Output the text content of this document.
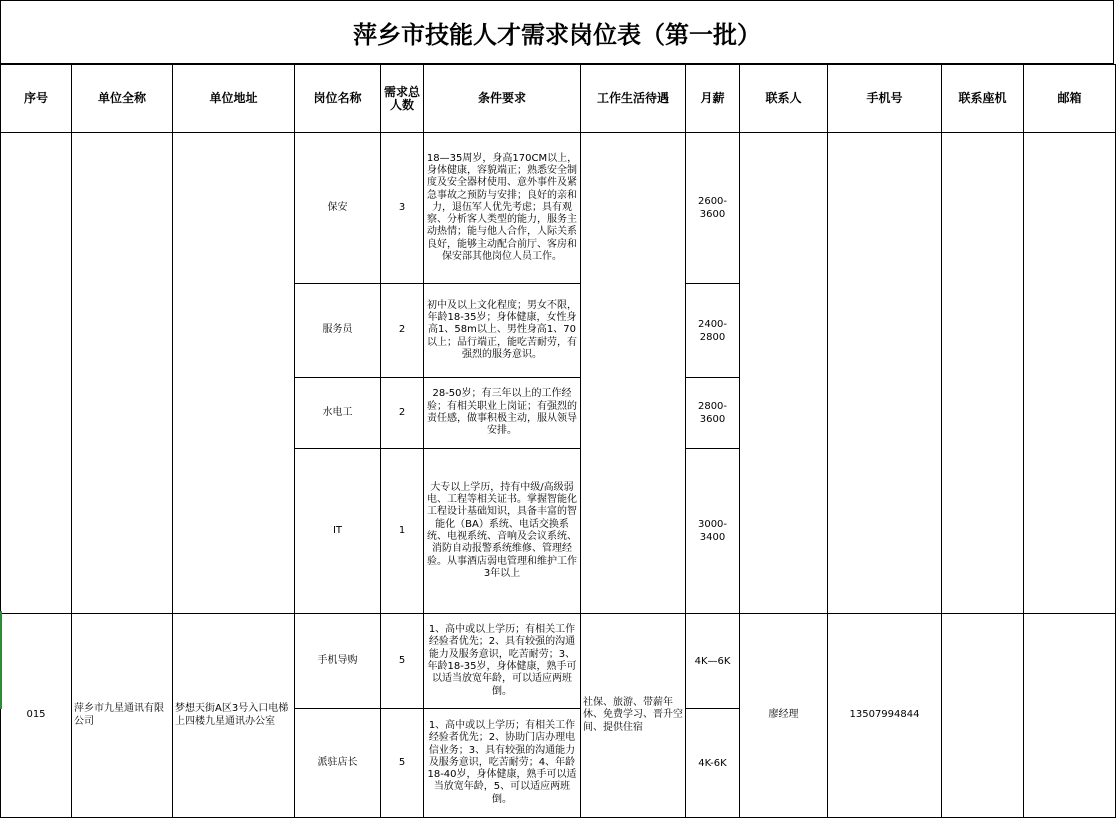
萍乡市技能人才需求岗位表（第一批）
序号	单位全称	单位地址	岗位名称	需求总人数	条件要求	工作生活待遇	月薪	联系人	手机号	联系座机	邮箱
			保安	3	18—35周岁，身高170CM以上，身体健康，容貌端正；熟悉安全制度及安全器材使用、意外事件及紧急事故之预防与安排；良好的亲和力，退伍军人优先考虑；具有观察、分析客人类型的能力，服务主动热情；能与他人合作，人际关系良好，能够主动配合前厅、客房和保安部其他岗位人员工作。		2600-3600				
			服务员	2	初中及以上文化程度；男女不限，年龄18-35岁；身体健康，女性身高1、58m以上、男性身高1、70以上；品行端正，能吃苦耐劳，有强烈的服务意识。		2400-2800				
			水电工	2	28-50岁；有三年以上的工作经验；有相关职业上岗证；有强烈的责任感，做事积极主动，服从领导安排。		2800-3600				
			IT	1	大专以上学历，持有中级/高级弱电、工程等相关证书。掌握智能化工程设计基础知识，具备丰富的智能化（BA）系统、电话交换系统、电视系统、音响及会议系统、消防自动报警系统维修、管理经验。从事酒店弱电管理和维护工作3年以上		3000-3400				
015	萍乡市九星通讯有限公司	梦想天街A区3号入口电梯上四楼九星通讯办公室	手机导购	5	1、高中或以上学历；有相关工作经验者优先；2、具有较强的沟通能力及服务意识，吃苦耐劳；3、年龄18-35岁，身体健康，熟手可以适当放宽年龄，可以适应两班倒。	社保、旅游、带薪年休、免费学习、晋升空间、提供住宿	4K—6K	廖经理	13507994844		
			派驻店长	5	1、高中或以上学历；有相关工作经验者优先；2、协助门店办理电信业务；3、具有较强的沟通能力及服务意识，吃苦耐劳；4、年龄18-40岁，身体健康，熟手可以适当放宽年龄，5、可以适应两班倒。		4K-6K				
